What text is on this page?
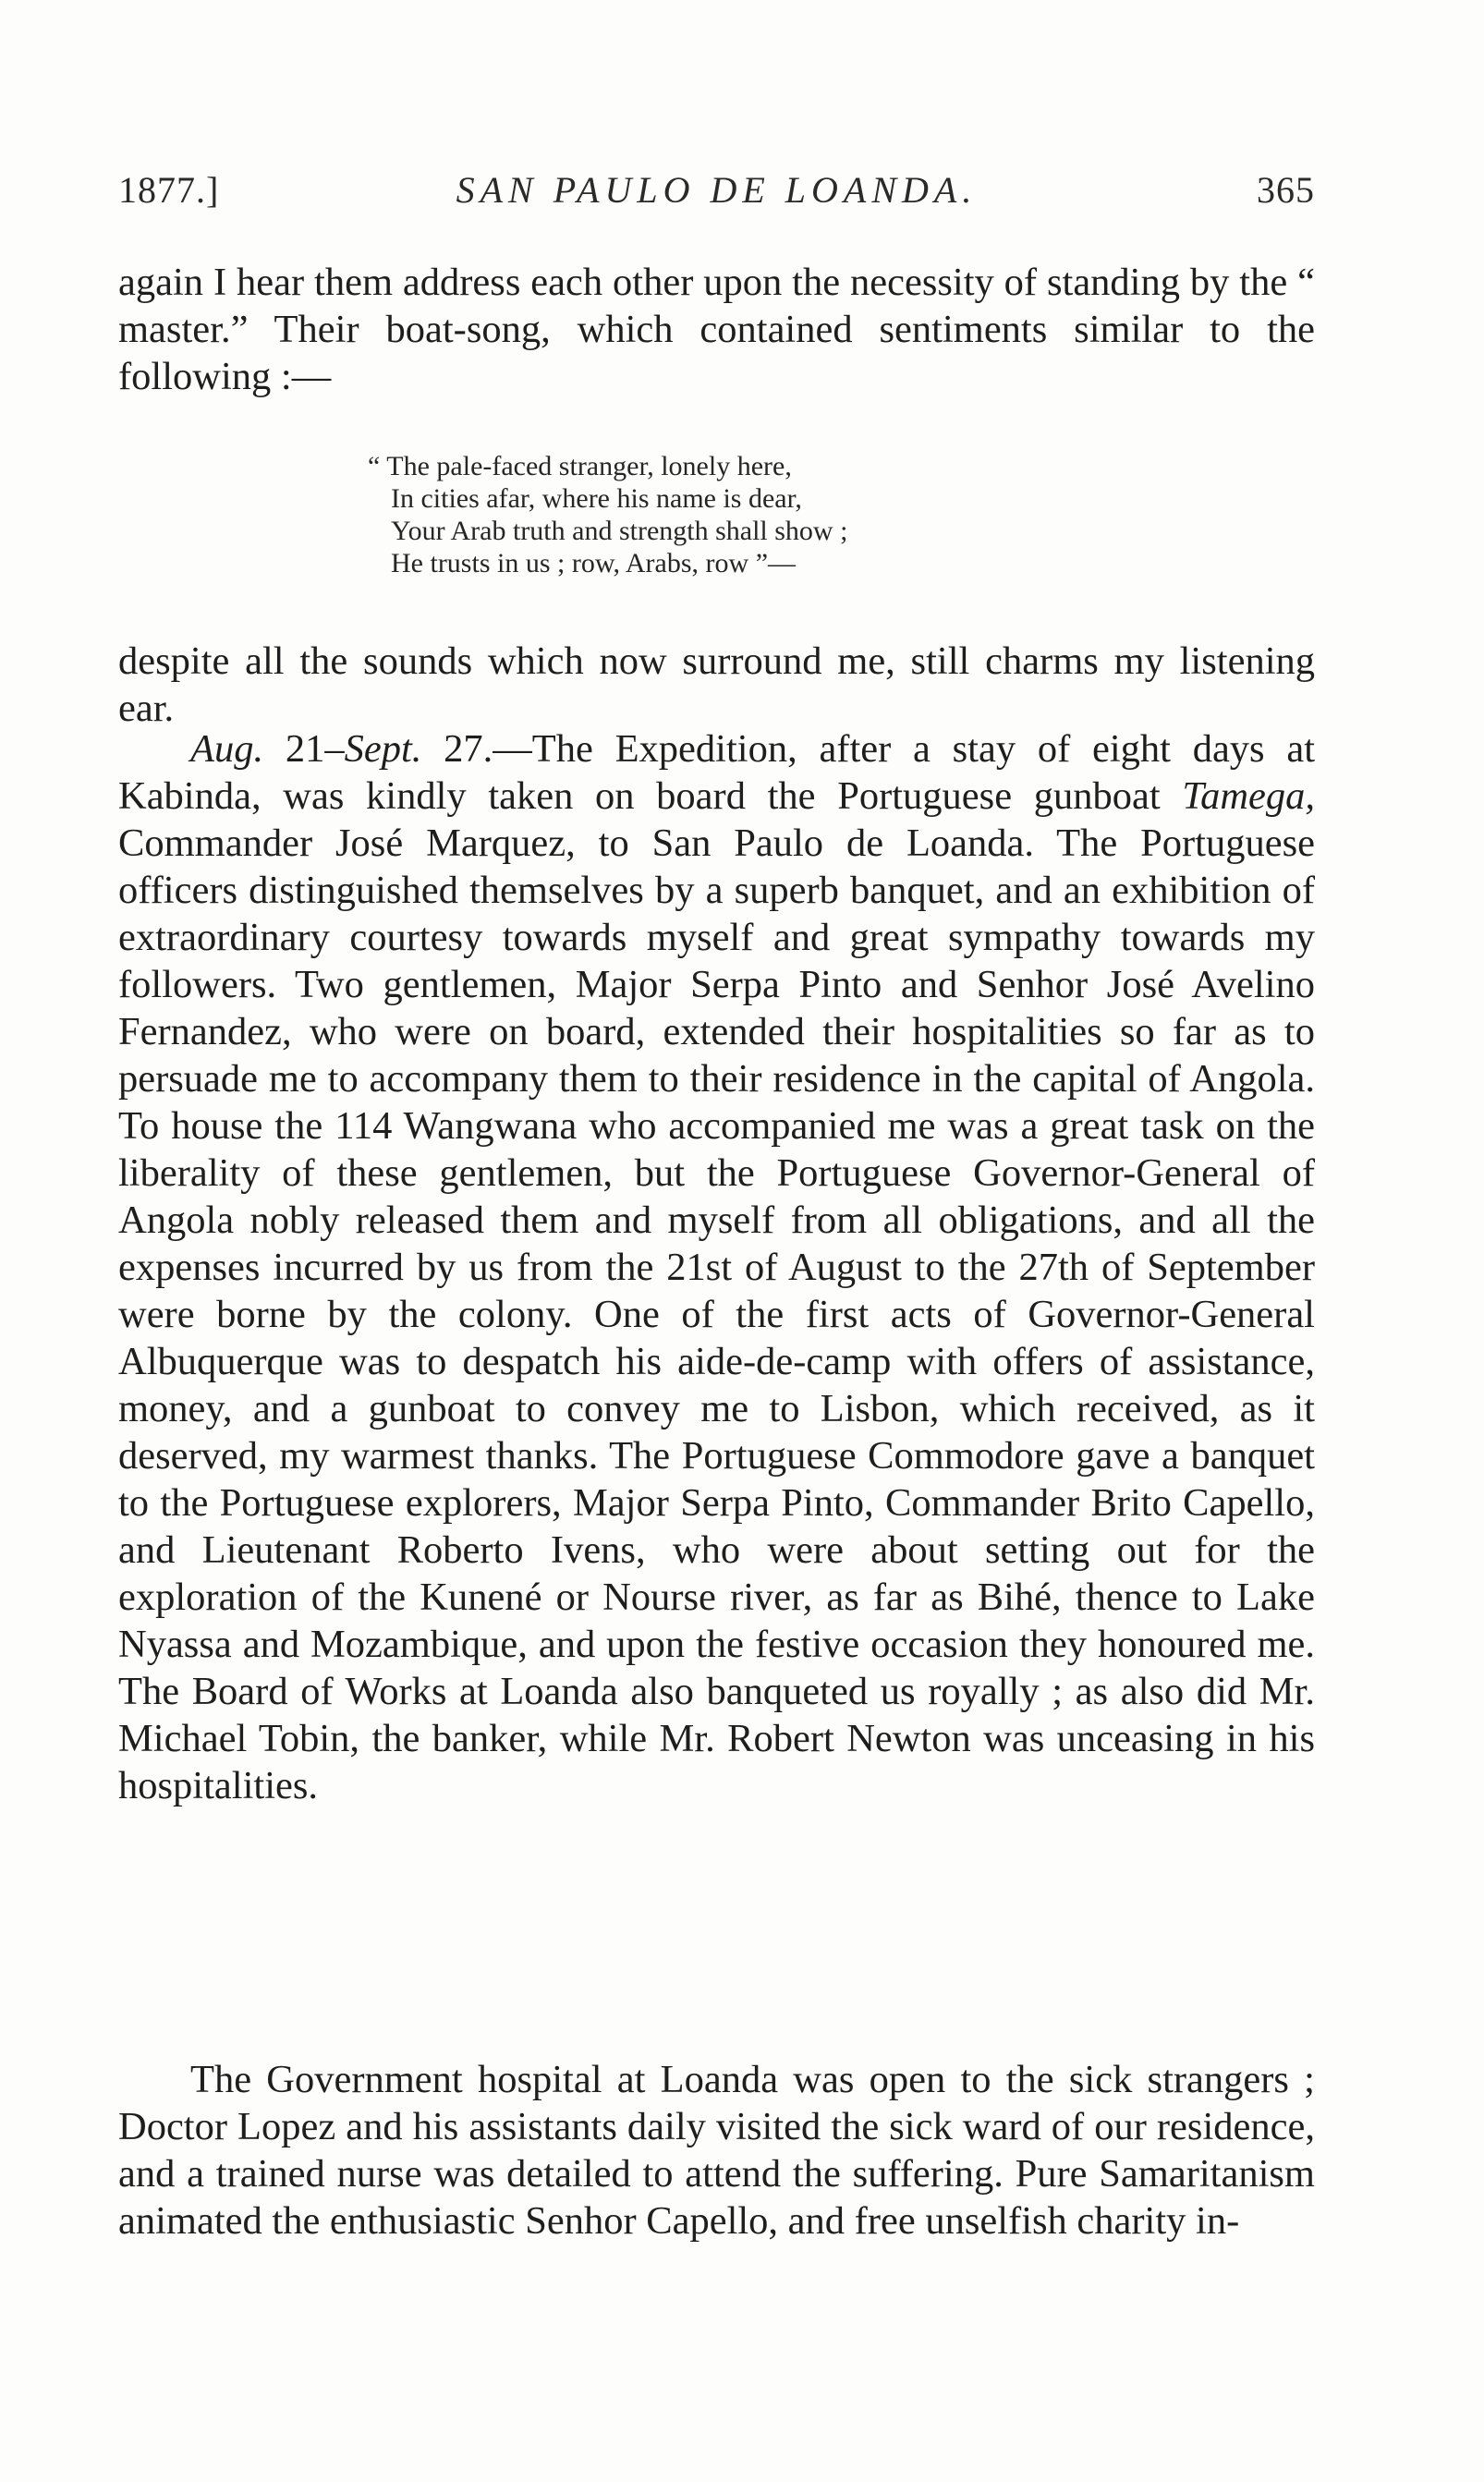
1877.]	SAN PAULO DE LOANDA.	365

again I hear them address each other upon the necessity of standing by the “ master.” Their boat-song, which contained sentiments similar to the following :—

“ The pale-faced stranger, lonely here,
In cities afar, where his name is dear,
Your Arab truth and strength shall show ;
He trusts in us ; row, Arabs, row ”—

despite all the sounds which now surround me, still charms my listening ear.

Aug. 21–Sept. 27.—The Expedition, after a stay of eight days at Kabinda, was kindly taken on board the Portuguese gunboat Tamega, Commander José Marquez, to San Paulo de Loanda. The Portuguese officers distinguished themselves by a superb banquet, and an exhibition of extraordinary courtesy towards myself and great sympathy towards my followers. Two gentlemen, Major Serpa Pinto and Senhor José Avelino Fernandez, who were on board, extended their hospitalities so far as to persuade me to accompany them to their residence in the capital of Angola. To house the 114 Wangwana who accompanied me was a great task on the liberality of these gentlemen, but the Portuguese Governor-General of Angola nobly released them and myself from all obligations, and all the expenses incurred by us from the 21st of August to the 27th of September were borne by the colony. One of the first acts of Governor-General Albuquerque was to despatch his aide-de-camp with offers of assistance, money, and a gunboat to convey me to Lisbon, which received, as it deserved, my warmest thanks. The Portuguese Commodore gave a banquet to the Portuguese explorers, Major Serpa Pinto, Commander Brito Capello, and Lieutenant Roberto Ivens, who were about setting out for the exploration of the Kunené or Nourse river, as far as Bihé, thence to Lake Nyassa and Mozambique, and upon the festive occasion they honoured me. The Board of Works at Loanda also banqueted us royally ; as also did Mr. Michael Tobin, the banker, while Mr. Robert Newton was unceasing in his hospitalities.

The Government hospital at Loanda was open to the sick strangers ; Doctor Lopez and his assistants daily visited the sick ward of our residence, and a trained nurse was detailed to attend the suffering. Pure Samaritanism animated the enthusiastic Senhor Capello, and free unselfish charity in-
